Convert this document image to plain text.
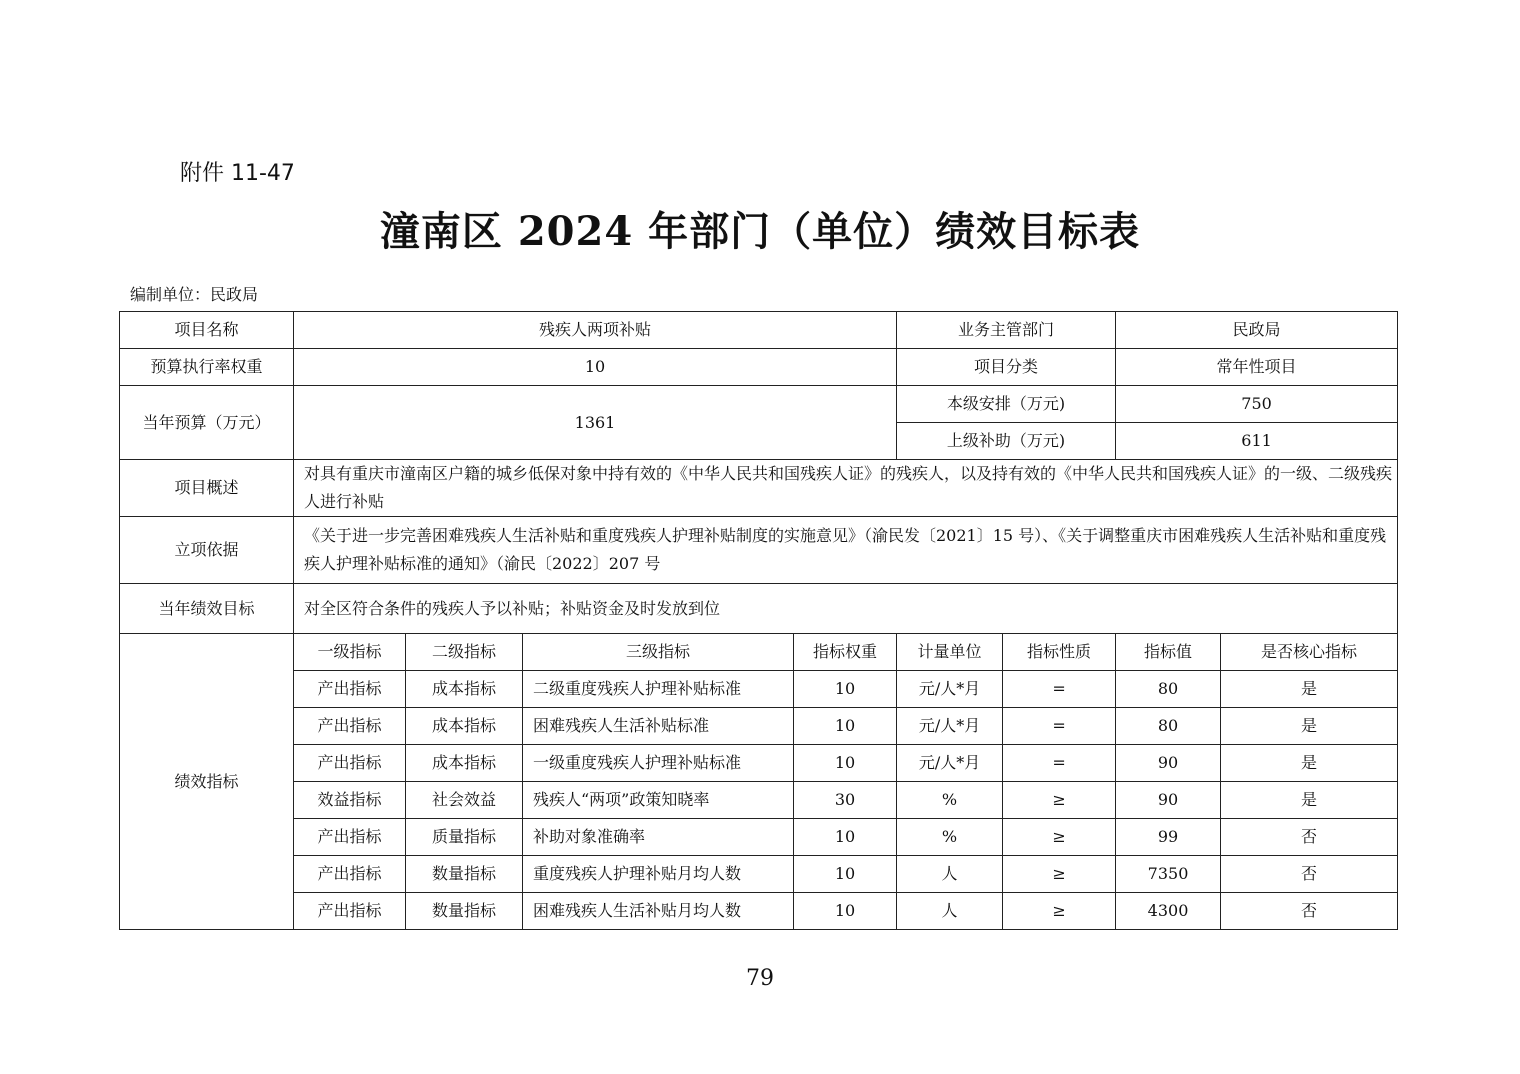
附件 11-47
潼南区 2024 年部门（单位）绩效目标表
编制单位：民政局
项目名称	残疾人两项补贴				业务主管部门		民政局	
预算执行率权重	10				项目分类		常年性项目	
当年预算（万元）	1361				本级安排（万元)		750	
					上级补助（万元)		611	
项目概述	对具有重庆市潼南区户籍的城乡低保对象中持有效的《中华人民共和国残疾人证》的残疾人，以及持有效的《中华人民共和国残疾人证》的一级、二级残疾人进行补贴							
立项依据	《关于进一步完善困难残疾人生活补贴和重度残疾人护理补贴制度的实施意见》（渝民发〔2021〕15 号）、《关于调整重庆市困难残疾人生活补贴和重度残疾人护理补贴标准的通知》（渝民〔2022〕207 号							
当年绩效目标	对全区符合条件的残疾人予以补贴；补贴资金及时发放到位							
绩效指标	一级指标	二级指标	三级指标	指标权重	计量单位	指标性质	指标值	是否核心指标
	产出指标	成本指标	二级重度残疾人护理补贴标准	10	元/人*月	=	80	是
	产出指标	成本指标	困难残疾人生活补贴标准	10	元/人*月	=	80	是
	产出指标	成本指标	一级重度残疾人护理补贴标准	10	元/人*月	=	90	是
	效益指标	社会效益	残疾人“两项”政策知晓率	30	%	≥	90	是
	产出指标	质量指标	补助对象准确率	10	%	≥	99	否
	产出指标	数量指标	重度残疾人护理补贴月均人数	10	人	≥	7350	否
	产出指标	数量指标	困难残疾人生活补贴月均人数	10	人	≥	4300	否
79
